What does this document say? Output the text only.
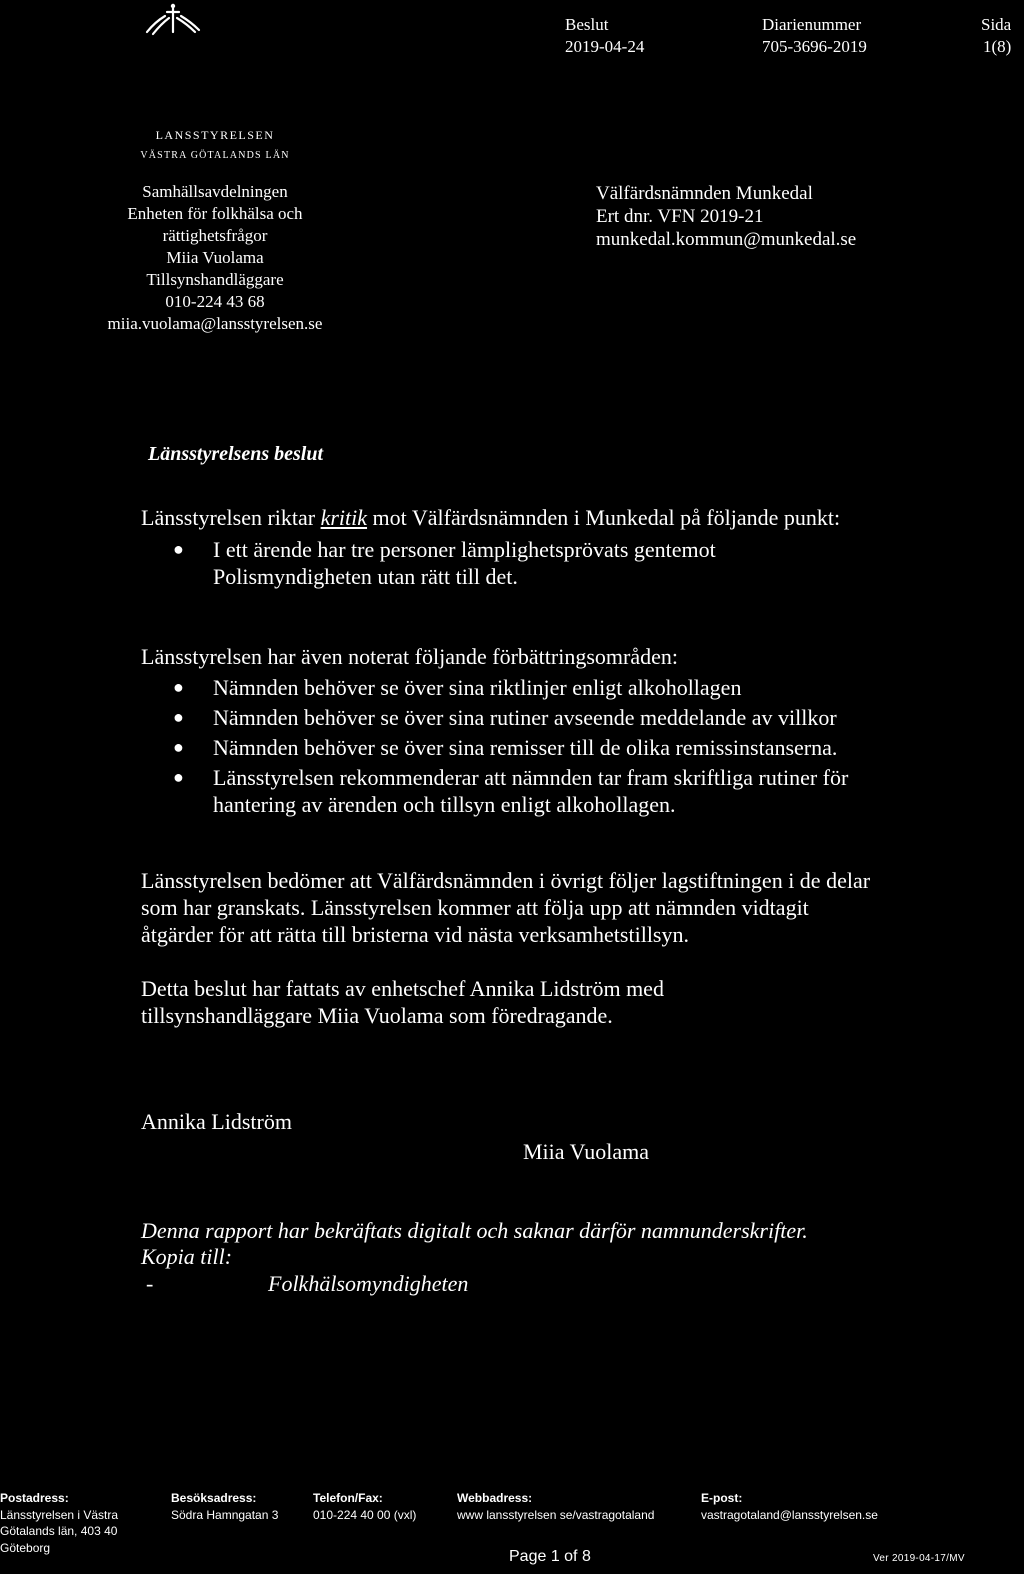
Beslut
2019-04-24
Diarienummer
705-3696-2019
Sida
1(8)
LANSSTYRELSEN
VÄSTRA GÖTALANDS LÄN
Samhällsavdelningen
Enheten för folkhälsa och
rättighetsfrågor
Miia Vuolama
Tillsynshandläggare
010-224 43 68
miia.vuolama@lansstyrelsen.se
Välfärdsnämnden Munkedal
Ert dnr. VFN 2019-21
munkedal.kommun@munkedal.se
Länsstyrelsens beslut
Länsstyrelsen riktar kritik mot Välfärdsnämnden i Munkedal på följande punkt:
● I ett ärende har tre personer lämplighetsprövats gentemot Polismyndigheten utan rätt till det.
Länsstyrelsen har även noterat följande förbättringsområden:
● Nämnden behöver se över sina riktlinjer enligt alkohollagen
● Nämnden behöver se över sina rutiner avseende meddelande av villkor
● Nämnden behöver se över sina remisser till de olika remissinstanserna.
● Länsstyrelsen rekommenderar att nämnden tar fram skriftliga rutiner för hantering av ärenden och tillsyn enligt alkohollagen.
Länsstyrelsen bedömer att Välfärdsnämnden i övrigt följer lagstiftningen i de delar som har granskats. Länsstyrelsen kommer att följa upp att nämnden vidtagit åtgärder för att rätta till bristerna vid nästa verksamhetstillsyn.
Detta beslut har fattats av enhetschef Annika Lidström med tillsynshandläggare Miia Vuolama som föredragande.
Annika Lidström
Miia Vuolama
Denna rapport har bekräftats digitalt och saknar därför namnunderskrifter.
Kopia till:
-	Folkhälsomyndigheten
Postadress:
Länsstyrelsen i Västra
Götalands län, 403 40
Göteborg
Besöksadress:
Södra Hamngatan 3
Telefon/Fax:
010-224 40 00 (vxl)
Webbadress:
www lansstyrelsen se/vastragotaland
E-post:
vastragotaland@lansstyrelsen.se
Page 1 of 8	Ver 2019-04-17/MV
